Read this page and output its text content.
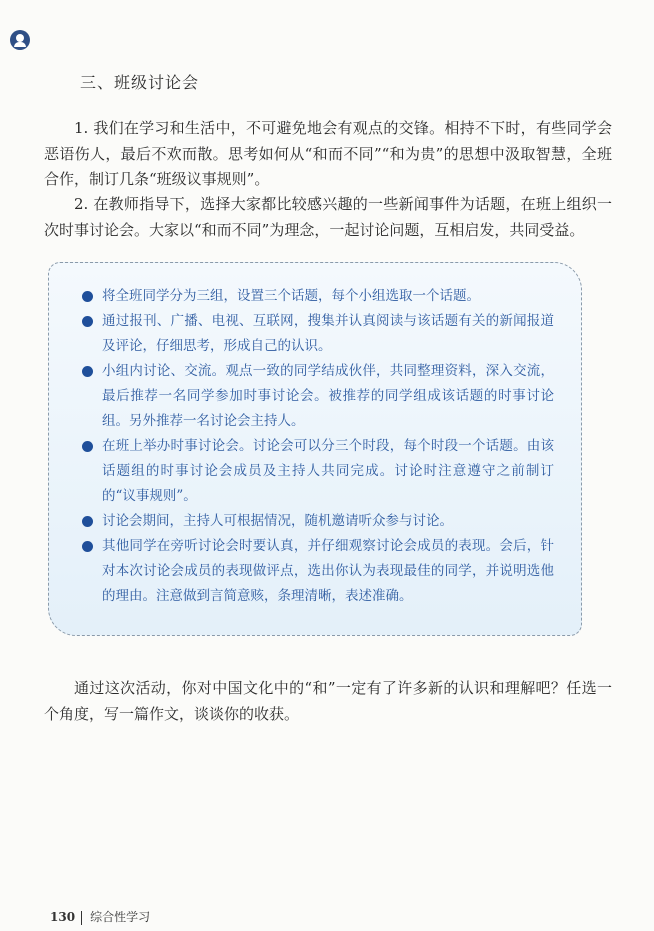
三、班级讨论会
1. 我们在学习和生活中，不可避免地会有观点的交锋。相持不下时，有些同学会恶语伤人，最后不欢而散。思考如何从“和而不同”“和为贵”的思想中汲取智慧，全班合作，制订几条“班级议事规则”。
2. 在教师指导下，选择大家都比较感兴趣的一些新闻事件为话题，在班上组织一次时事讨论会。大家以“和而不同”为理念，一起讨论问题，互相启发，共同受益。
将全班同学分为三组，设置三个话题，每个小组选取一个话题。
通过报刊、广播、电视、互联网，搜集并认真阅读与该话题有关的新闻报道及评论，仔细思考，形成自己的认识。
小组内讨论、交流。观点一致的同学结成伙伴，共同整理资料，深入交流，最后推荐一名同学参加时事讨论会。被推荐的同学组成该话题的时事讨论组。另外推荐一名讨论会主持人。
在班上举办时事讨论会。讨论会可以分三个时段，每个时段一个话题。由该话题组的时事讨论会成员及主持人共同完成。讨论时注意遵守之前制订的“议事规则”。
讨论会期间，主持人可根据情况，随机邀请听众参与讨论。
其他同学在旁听讨论会时要认真，并仔细观察讨论会成员的表现。会后，针对本次讨论会成员的表现做评点，选出你认为表现最佳的同学，并说明选他的理由。注意做到言简意赅，条理清晰，表述准确。
通过这次活动，你对中国文化中的“和”一定有了许多新的认识和理解吧？任选一个角度，写一篇作文，谈谈你的收获。
130 综合性学习
